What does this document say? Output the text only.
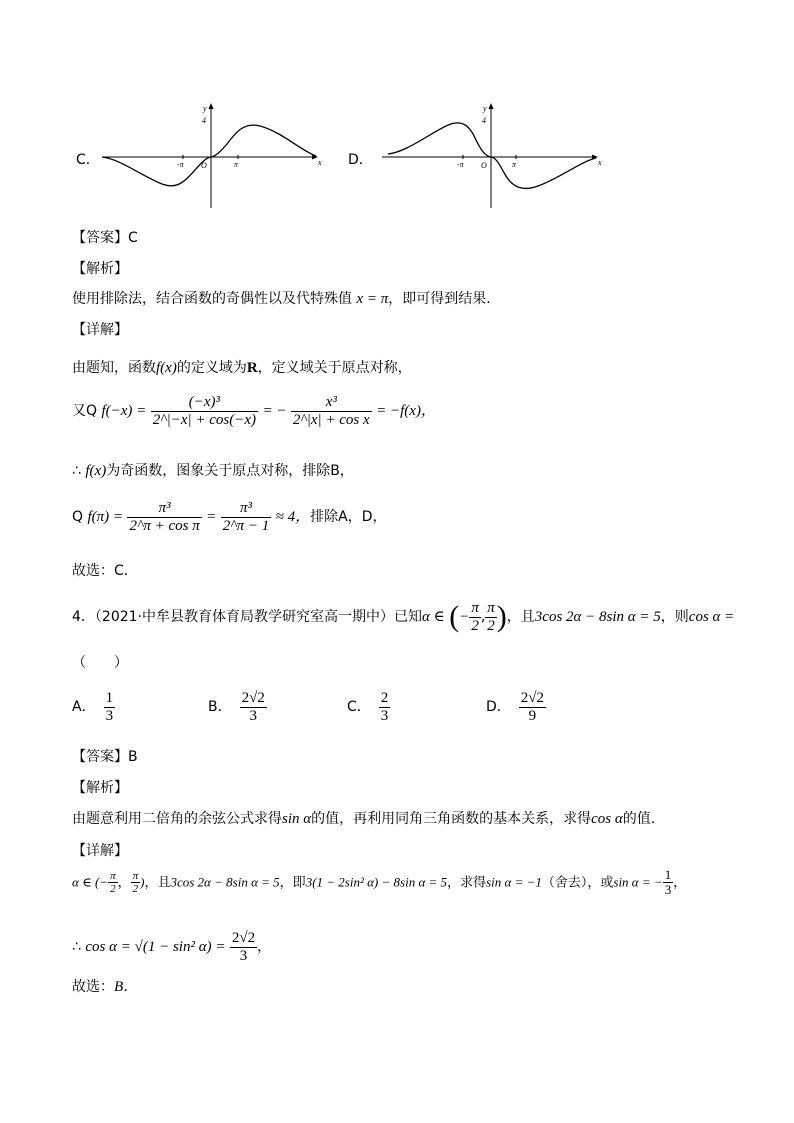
C．
y
4
x
O
-π	π	D．
y
4
x
O
-π	π
【答案】C
【解析】
使用排除法，结合函数的奇偶性以及代特殊值 x = π，即可得到结果.
【详解】
由题知，函数f(x)的定义域为R，定义域关于原点对称，
又Q $f(-x) = \frac{\text{(−x)³}}{2\^{}|-x| + \cos(-x)}$ = − $\frac{\text{x³}}{\text{2\textasciicircum{}|x| + cos x}} = -f(x)$，
∴ f(x)为奇函数，图象关于原点对称，排除B，
Q $f(\pi) = \frac{\text{π³}}{\text{2\textasciicircum{}π + cos π}} = \frac{\text{π³}}{2\^{}\pi - 1} \approx 4$，排除A，D，
故选：C．
4．（2021·中牟县教育体育局教学研究室高一期中）已知α ∈ (− $\frac{\pi}{2}$ , $\frac{\pi}{2}$ )，且3cos 2α − 8sin α = 5，则cos α =
（　　）
A． $\frac{1}{3}$	B． $\frac{2√2}{3}$	C． $\frac{2}{3}$	D． $\frac{2√2}{9}$
【答案】B
【解析】
由题意利用二倍角的余弦公式求得sin α的值，再利用同角三角函数的基本关系，求得cos α的值.
【详解】
α ∈ (− $\frac{\pi}{2}$ ， $\frac{\pi}{2}$ )，且3cos 2α − 8sin α = 5，即3(1 − 2sin² α) − 8sin α = 5，求得sin α = −1（舍去），或sin α = − $\frac{1}{3}$ ，
∴ cos α = √(1 − sin² $\alpha) = \frac{2√2}{3}$ ，
故选：B．
